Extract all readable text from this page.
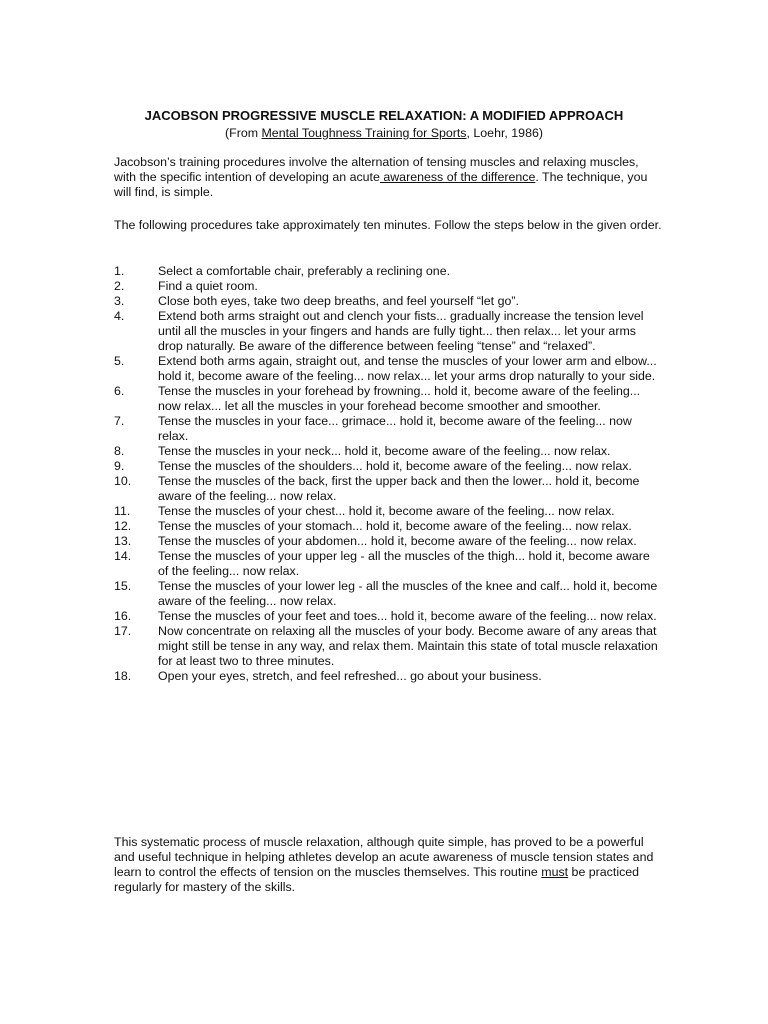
JACOBSON PROGRESSIVE MUSCLE RELAXATION: A MODIFIED APPROACH
(From Mental Toughness Training for Sports, Loehr, 1986)

Jacobson’s training procedures involve the alternation of tensing muscles and relaxing muscles, with the specific intention of developing an acute awareness of the difference. The technique, you will find, is simple.

The following procedures take approximately ten minutes. Follow the steps below in the given order.

1.	Select a comfortable chair, preferably a reclining one.
2.	Find a quiet room.
3.	Close both eyes, take two deep breaths, and feel yourself “let go”.
4.	Extend both arms straight out and clench your fists... gradually increase the tension level until all the muscles in your fingers and hands are fully tight... then relax... let your arms drop naturally. Be aware of the difference between feeling “tense” and “relaxed”.
5.	Extend both arms again, straight out, and tense the muscles of your lower arm and elbow... hold it, become aware of the feeling... now relax... let your arms drop naturally to your side.
6.	Tense the muscles in your forehead by frowning... hold it, become aware of the feeling... now relax... let all the muscles in your forehead become smoother and smoother.
7.	Tense the muscles in your face... grimace... hold it, become aware of the feeling... now relax.
8.	Tense the muscles in your neck... hold it, become aware of the feeling... now relax.
9.	Tense the muscles of the shoulders... hold it, become aware of the feeling... now relax.
10.	Tense the muscles of the back, first the upper back and then the lower... hold it, become aware of the feeling... now relax.
11.	Tense the muscles of your chest... hold it, become aware of the feeling... now relax.
12.	Tense the muscles of your stomach... hold it, become aware of the feeling... now relax.
13.	Tense the muscles of your abdomen... hold it, become aware of the feeling... now relax.
14.	Tense the muscles of your upper leg - all the muscles of the thigh... hold it, become aware of the feeling... now relax.
15.	Tense the muscles of your lower leg - all the muscles of the knee and calf... hold it, become aware of the feeling... now relax.
16.	Tense the muscles of your feet and toes... hold it, become aware of the feeling... now relax.
17.	Now concentrate on relaxing all the muscles of your body. Become aware of any areas that might still be tense in any way, and relax them. Maintain this state of total muscle relaxation for at least two to three minutes.
18.	Open your eyes, stretch, and feel refreshed... go about your business.

This systematic process of muscle relaxation, although quite simple, has proved to be a powerful and useful technique in helping athletes develop an acute awareness of muscle tension states and learn to control the effects of tension on the muscles themselves. This routine must be practiced regularly for mastery of the skills.
